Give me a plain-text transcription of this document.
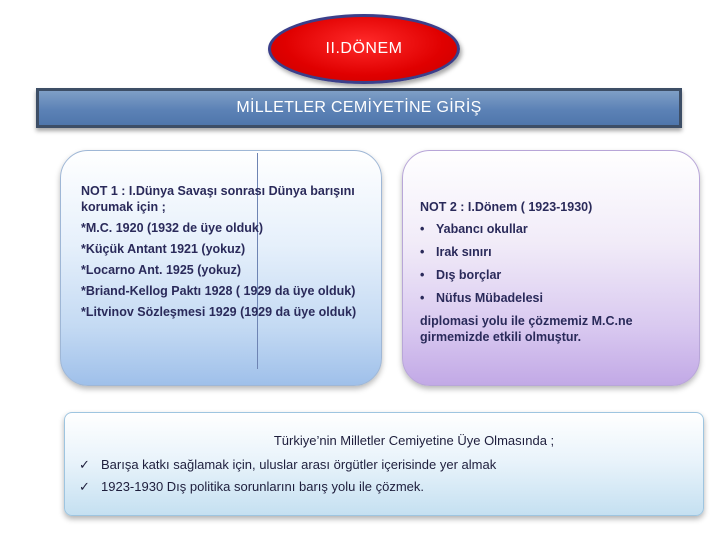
II.DÖNEM
MİLLETLER CEMİYETİNE GİRİŞ
NOT 1 : I.Dünya Savaşı sonrası Dünya barışını korumak için ;
*M.C. 1920 (1932 de üye olduk)
*Küçük Antant 1921 (yokuz)
*Locarno Ant. 1925 (yokuz)
*Briand-Kellog Paktı 1928 ( 1929 da üye olduk)
*Litvinov Sözleşmesi 1929 (1929 da üye olduk)
NOT 2 : I.Dönem ( 1923-1930)
• Yabancı okullar
• Irak sınırı
• Dış borçlar
• Nüfus Mübadelesi
diplomasi yolu ile çözmemiz M.C.ne girmemizde etkili olmuştur.
Türkiye’nin Milletler Cemiyetine Üye Olmasında ;
✓ Barışa katkı sağlamak için, uluslar arası örgütler içerisinde yer almak
✓ 1923-1930 Dış politika sorunlarını barış yolu ile çözmek.
